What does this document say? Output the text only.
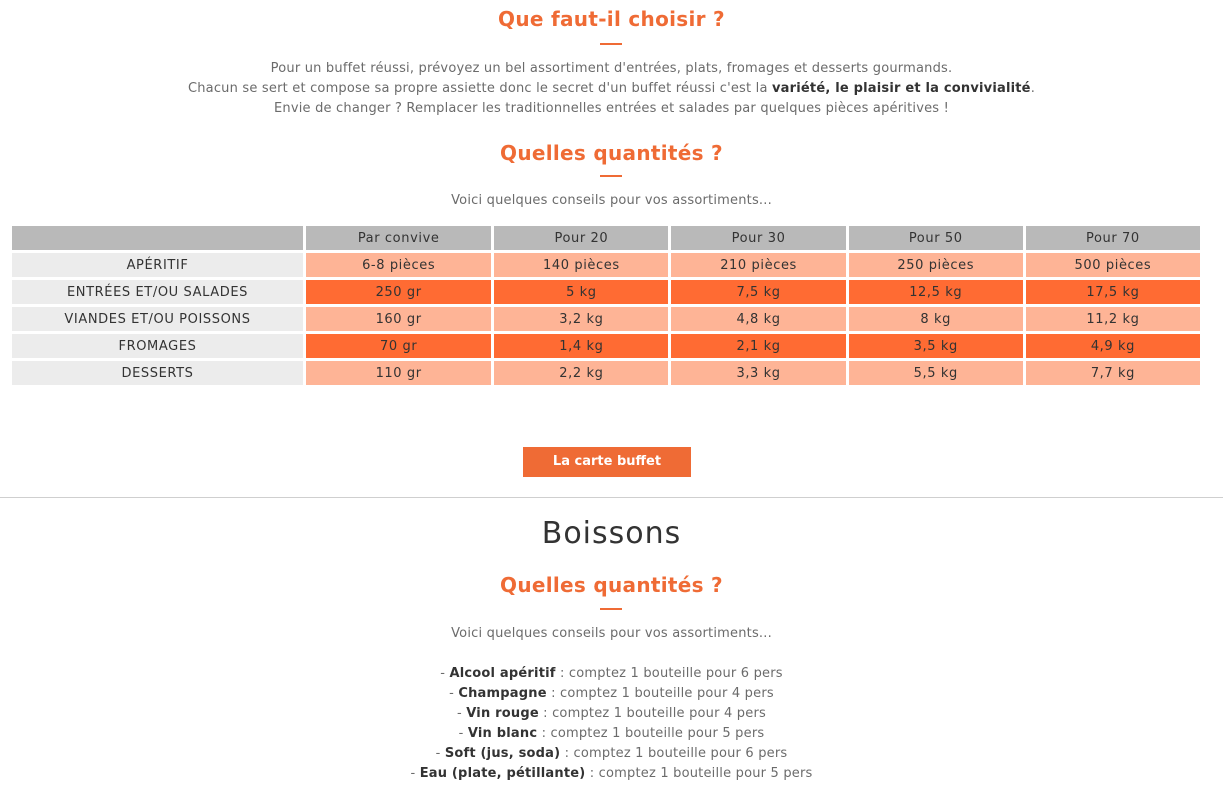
Que faut-il choisir ?

Pour un buffet réussi, prévoyez un bel assortiment d'entrées, plats, fromages et desserts gourmands.

Chacun se sert et compose sa propre assiette donc le secret d'un buffet réussi c'est la variété, le plaisir et la convivialité.

Envie de changer ? Remplacer les traditionnelles entrées et salades par quelques pièces apéritives !

Quelles quantités ?
Voici quelques conseils pour vos assortiments...
	Par convive	Pour 20	Pour 30	Pour 50	Pour 70
APÉRITIF	6-8 pièces	140 pièces	210 pièces	250 pièces	500 pièces
ENTRÉES ET/OU SALADES	250 gr	5 kg	7,5 kg	12,5 kg	17,5 kg
VIANDES ET/OU POISSONS	160 gr	3,2 kg	4,8 kg	8 kg	11,2 kg
FROMAGES	70 gr	1,4 kg	2,1 kg	3,5 kg	4,9 kg
DESSERTS	110 gr	2,2 kg	3,3 kg	5,5 kg	7,7 kg
La carte buffet
Boissons
Quelles quantités ?
Voici quelques conseils pour vos assortiments...

- Alcool apéritif : comptez 1 bouteille pour 6 pers

- Champagne : comptez 1 bouteille pour 4 pers

- Vin rouge : comptez 1 bouteille pour 4 pers

- Vin blanc : comptez 1 bouteille pour 5 pers

- Soft (jus, soda) : comptez 1 bouteille pour 6 pers

- Eau (plate, pétillante) : comptez 1 bouteille pour 5 pers
